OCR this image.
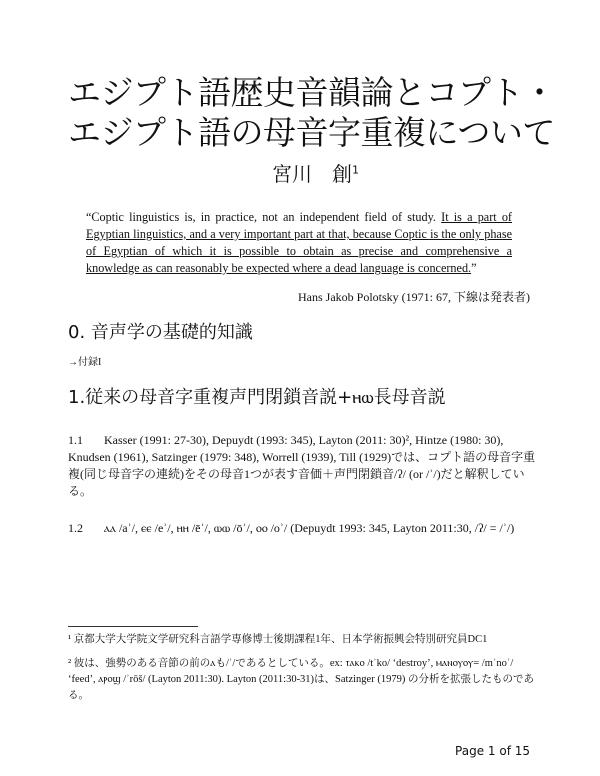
エジプト語歴史音韻論とコプト・
エジプト語の母音字重複について
宮川　創$^1$
“Coptic linguistics is, in practice, not an independent field of study. It is a part of Egyptian linguistics, and a very important part at that, because Coptic is the only phase of Egyptian of which it is possible to obtain as precise and comprehensive a knowledge as can reasonably be expected where a dead language is concerned.”
Hans Jakob Polotsky (1971: 67, 下線は発表者)
0. 音声学の基礎的知識
→付録I
1.従来の母音字重複声門閉鎖音説+ⲏⲱ長母音説
1.1 Kasser (1991: 27-30), Depuydt (1993: 345), Layton (2011: 30)², Hintze (1980: 30), Knudsen (1961), Satzinger (1979: 348), Worrell (1939), Till (1929)では、コプト語の母音字重複(同じ母音字の連続)をその母音1つが表す音価＋声門閉鎖音/ʔ/ (or /ʾ/)だと解釈している。
1.2 ⲁⲁ /aʾ/, ⲉⲉ /eʾ/, ⲏⲏ /ēʾ/, ⲱⲱ /ōʾ/, ⲟⲟ /oʾ/ (Depuydt 1993: 345, Layton 2011:30, /ʔ/ = /ʾ/)
¹ 京都大学大学院文学研究科言語学専修博士後期課程1年、日本学術振興会特別研究員DC1
² 彼は、強勢のある音節の前のⲁも/ʾ/であるとしている。ex: ⲧⲁⲕⲟ /tʾko/ ‘destroy’, ⲙⲁⲛⲟⲩⲟⲩ= /mʾnoʾ/ ‘feed’, ⲁⲣⲟϣ /ʾrōš/ (Layton 2011:30). Layton (2011:30-31)は、Satzinger (1979) の分析を拡張したものである。
Page 1 of 15
